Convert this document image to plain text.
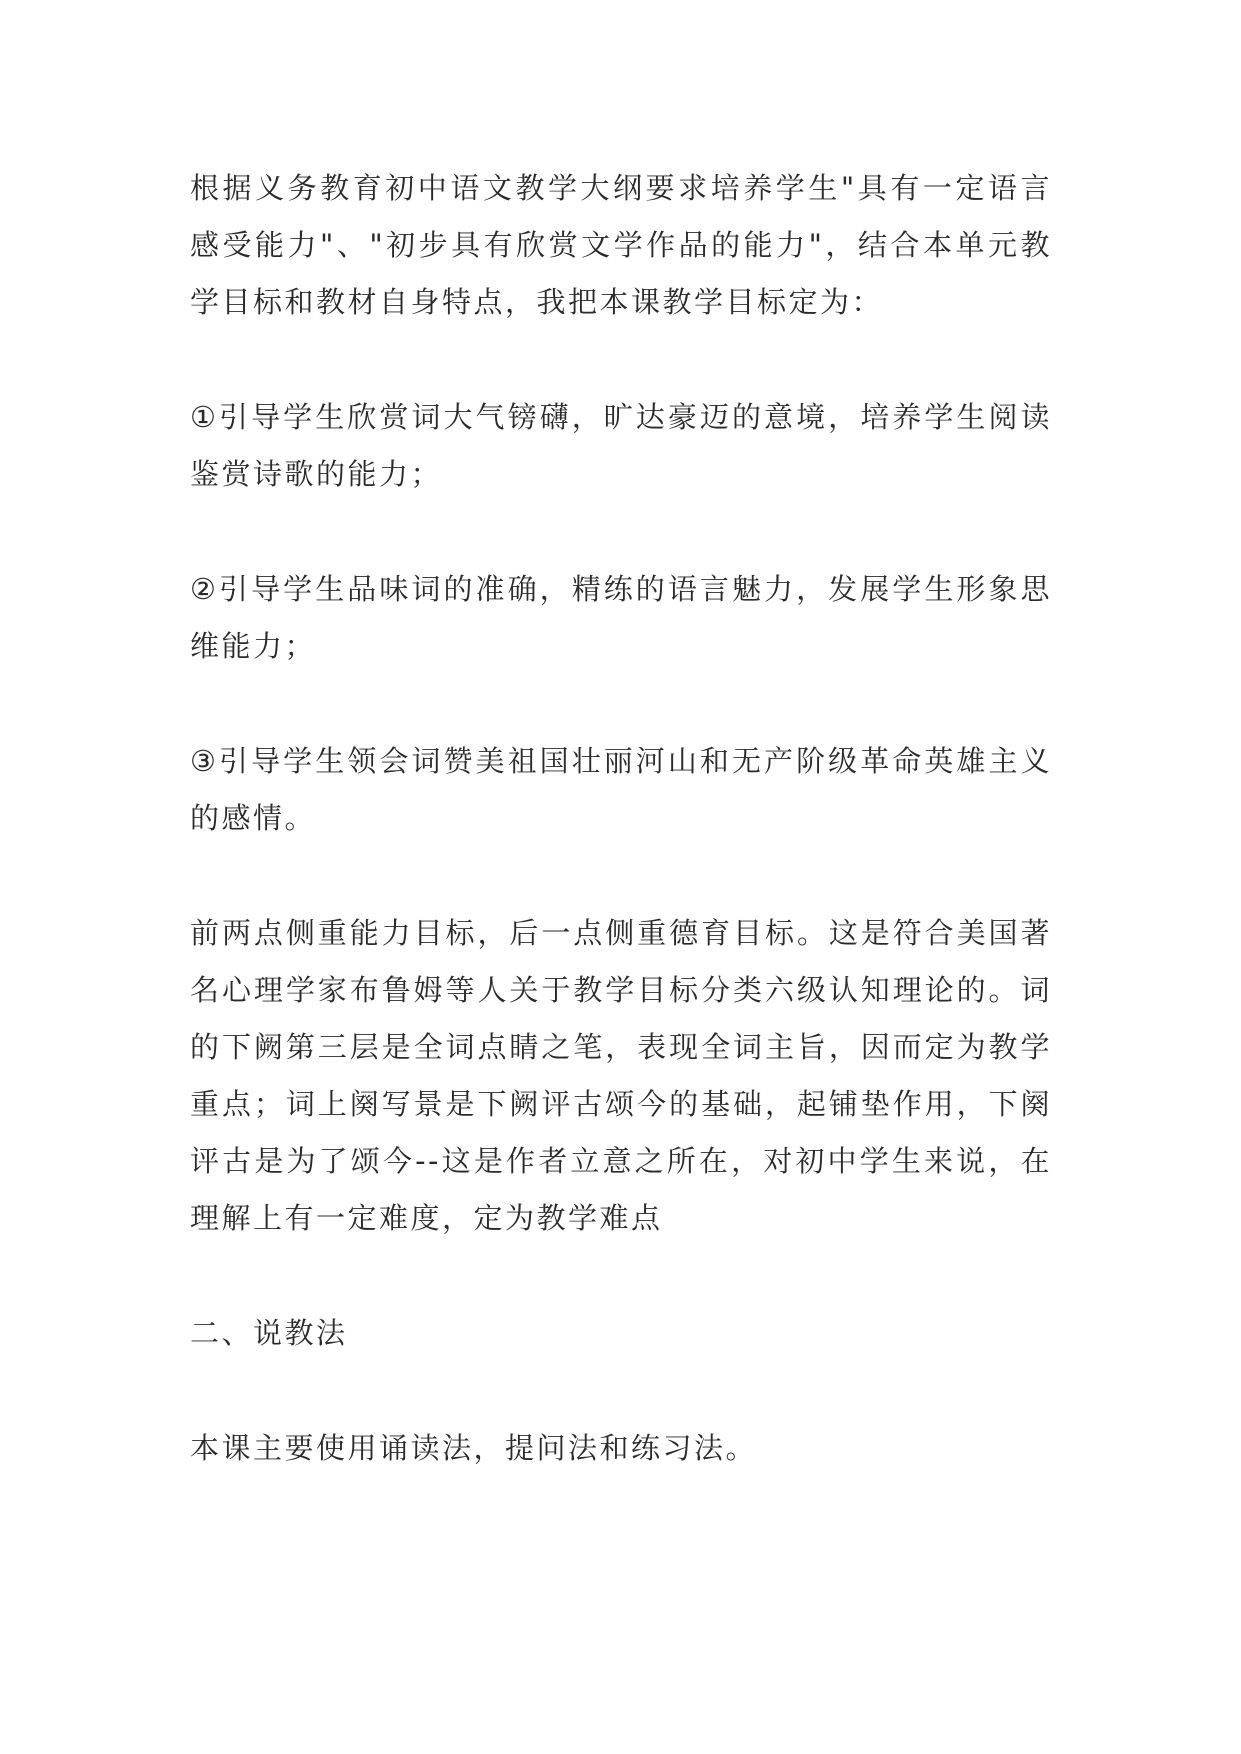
根据义务教育初中语文教学大纲要求培养学生"具有一定语言感受能力"、"初步具有欣赏文学作品的能力"，结合本单元教学目标和教材自身特点，我把本课教学目标定为：

①引导学生欣赏词大气镑礴，旷达豪迈的意境，培养学生阅读鉴赏诗歌的能力；

②引导学生品味词的准确，精练的语言魅力，发展学生形象思维能力；

③引导学生领会词赞美祖国壮丽河山和无产阶级革命英雄主义的感情。

前两点侧重能力目标，后一点侧重德育目标。这是符合美国著名心理学家布鲁姆等人关于教学目标分类六级认知理论的。词的下阙第三层是全词点睛之笔，表现全词主旨，因而定为教学重点；词上阕写景是下阙评古颂今的基础，起铺垫作用，下阕评古是为了颂今--这是作者立意之所在，对初中学生来说，在理解上有一定难度，定为教学难点

二、说教法

本课主要使用诵读法，提问法和练习法。
